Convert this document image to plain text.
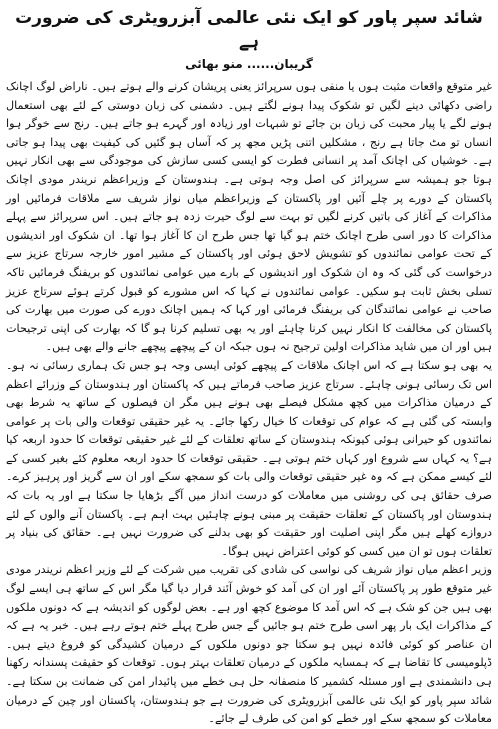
شائد سپر پاور کو ایک نئی عالمی آبزرویٹری کی ضرورت ہے
گریبان...... منو بھائی

غیر متوقع واقعات مثبت ہوں یا منفی ہوں سرپرائز یعنی پریشان کرنے والے ہوتے ہیں۔ ناراض لوگ اچانک راضی دکھائی دینے لگیں تو شکوک پیدا ہونے لگتے ہیں۔ دشمنی کی زبان دوستی کے لئے بھی استعمال ہونے لگے یا پیار محبت کی زبان بن جائے تو شبہات اور زیادہ اور گہرے ہو جاتے ہیں۔ رنج سے خوگر ہوا انساں تو مٹ جاتا ہے رنج ، مشکلیں اتنی پڑیں مجھ پر کہ آساں ہو گئیں کی کیفیت بھی پیدا ہو جاتی ہے۔ خوشیاں کی اچانک آمد پر انسانی فطرت کو ایسی کسی سازش کی موجودگی سے بھی انکار نہیں ہوتا جو ہمیشہ سے سرپرائز کی اصل وجہ ہوتی ہے۔ ہندوستان کے وزیراعظم نریندر مودی اچانک پاکستان کے دورے پر چلے آئیں اور پاکستان کے وزیراعظم میاں نواز شریف سے ملاقات فرمائیں اور مذاکرات کے آغاز کی باتیں کرنے لگیں تو بہت سے لوگ حیرت زدہ ہو جاتے ہیں۔ اس سرپرائز سے پہلے مذاکرات کا دور اسی طرح اچانک ختم ہو گیا تھا جس طرح ان کا آغاز ہوا تھا۔ ان شکوک اور اندیشوں کے تحت عوامی نمائندوں کو تشویش لاحق ہوئی اور پاکستان کے مشیر امور خارجہ سرتاج عزیز سے درخواست کی گئی کہ وہ ان شکوک اور اندیشوں کے بارے میں عوامی نمائندوں کو بریفنگ فرمائیں تاکہ تسلی بخش ثابت ہو سکیں۔ عوامی نمائندوں نے کہا کہ اس مشورے کو قبول کرتے ہوئے سرتاج عزیز صاحب نے عوامی نمائندگان کی بریفنگ فرمائی اور کہا کہ ہمیں اچانک دورے کی صورت میں بھارت کی پاکستان کی مخالفت کا انکار نہیں کرنا چاہئے اور یہ بھی تسلیم کرنا ہو گا کہ بھارت کی اپنی ترجیحات ہیں اور ان میں شاید مذاکرات اولین ترجیح نہ ہوں جبکہ ان کے پیچھے پیچھے جانے والے بھی ہیں۔

یہ بھی ہو سکتا ہے کہ اس اچانک ملاقات کے پیچھے کوئی ایسی وجہ ہو جس تک ہماری رسائی نہ ہو۔ اس تک رسائی ہونی چاہئے۔ سرتاج عزیز صاحب فرماتے ہیں کہ پاکستان اور ہندوستان کے وزرائے اعظم کے درمیان مذاکرات میں کچھ مشکل فیصلے بھی ہونے ہیں مگر ان فیصلوں کے ساتھ یہ شرط بھی وابستہ کی گئی ہے کہ عوام کی توقعات کا خیال رکھا جائے۔ یہ غیر حقیقی توقعات والی بات پر عوامی نمائندوں کو حیرانی ہوئی کیونکہ ہندوستان کے ساتھ تعلقات کے لئے غیر حقیقی توقعات کا حدود اربعہ کیا ہے؟ یہ کہاں سے شروع اور کہاں ختم ہوتی ہے۔ حقیقی توقعات کا حدود اربعہ معلوم کئے بغیر کسی کے لئے کیسے ممکن ہے کہ وہ غیر حقیقی توقعات والی بات کو سمجھ سکے اور ان سے گریز اور پرہیز کرے۔ صرف حقائق ہی کی روشنی میں معاملات کو درست انداز میں آگے بڑھایا جا سکتا ہے اور یہ بات کہ ہندوستان اور پاکستان کے تعلقات حقیقت پر مبنی ہونے چاہئیں بہت اہم ہے۔ پاکستان آنے والوں کے لئے دروازے کھلے ہیں مگر اپنی اصلیت اور حقیقت کو بھی بدلنے کی ضرورت نہیں ہے۔ حقائق کی بنیاد پر تعلقات ہوں تو ان میں کسی کو کوئی اعتراض نہیں ہوگا۔

وزیر اعظم میاں نواز شریف کی نواسی کی شادی کی تقریب میں شرکت کے لئے وزیر اعظم نریندر مودی غیر متوقع طور پر پاکستان آئے اور ان کی آمد کو خوش آئند قرار دیا گیا مگر اس کے ساتھ ہی ایسے لوگ بھی ہیں جن کو شک ہے کہ اس آمد کا موضوع کچھ اور ہے۔ بعض لوگوں کو اندیشہ ہے کہ دونوں ملکوں کے مذاکرات ایک بار پھر اسی طرح ختم ہو جائیں گے جس طرح پہلے ختم ہوتے رہے ہیں۔ خبر یہ ہے کہ ان عناصر کو کوئی فائدہ نہیں ہو سکتا جو دونوں ملکوں کے درمیان کشیدگی کو فروغ دیتے ہیں۔ ڈپلومیسی کا تقاضا ہے کہ ہمسایہ ملکوں کے درمیان تعلقات بہتر ہوں۔ توقعات کو حقیقت پسندانہ رکھنا ہی دانشمندی ہے اور مسئلہ کشمیر کا منصفانہ حل ہی خطے میں پائیدار امن کی ضمانت بن سکتا ہے۔ شائد سپر پاور کو ایک نئی عالمی آبزرویٹری کی ضرورت ہے جو ہندوستان، پاکستان اور چین کے درمیان معاملات کو سمجھ سکے اور خطے کو امن کی طرف لے جائے۔
